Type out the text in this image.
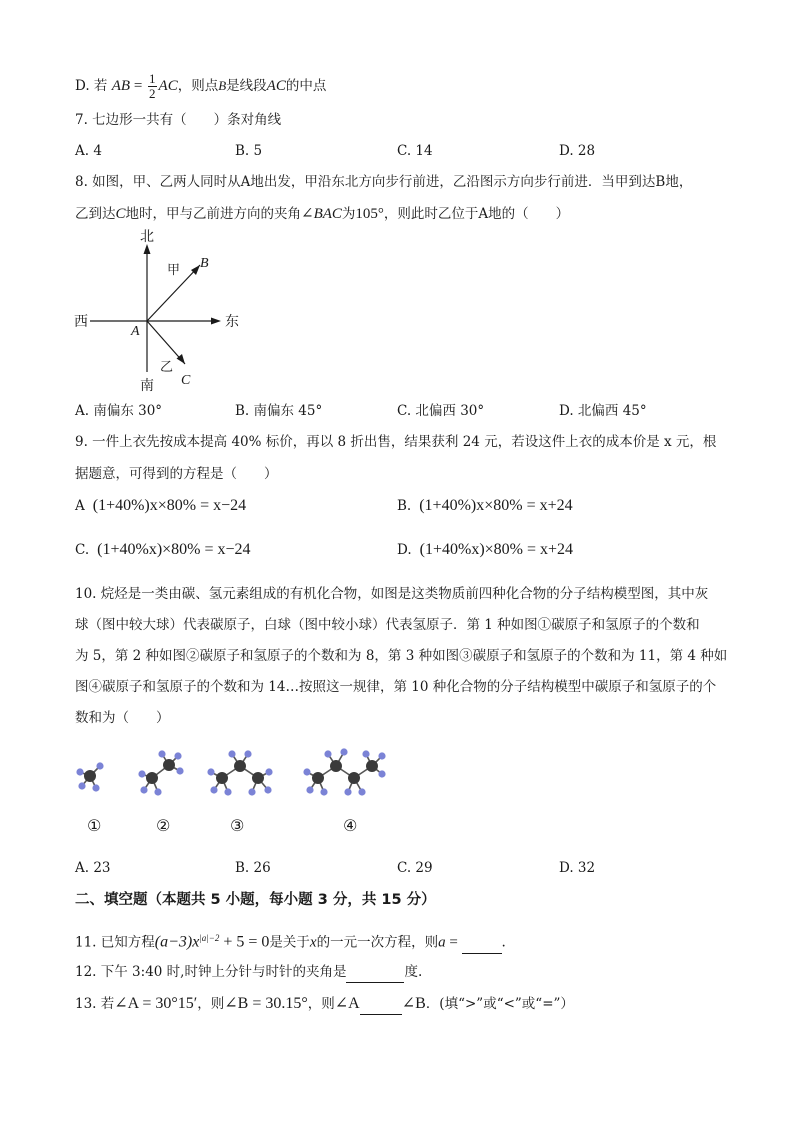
D. 若 AB = $\frac{1}{2}$ AC，则点B是线段AC的中点
7. 七边形一共有（　　）条对角线
A. 4	B. 5	C. 14	D. 28
8. 如图，甲、乙两人同时从A地出发，甲沿东北方向步行前进，乙沿图示方向步行前进．当甲到达B地，
乙到达C地时，甲与乙前进方向的夹角∠BAC为105°，则此时乙位于A地的（　　）
北
南
西	东
A
甲
乙
B
C
A. 南偏东 30°	B. 南偏东 45°	C. 北偏西 30°	D. 北偏西 45°
9. 一件上衣先按成本提高 40% 标价，再以 8 折出售，结果获利 24 元，若设这件上衣的成本价是 x 元，根
据题意，可得到的方程是（　　）
A (1+40%)x×80% = x−24	B. (1+40%)x×80% = x+24
C. (1+40%x)×80% = x−24	D. (1+40%x)×80% = x+24
10. 烷烃是一类由碳、氢元素组成的有机化合物，如图是这类物质前四种化合物的分子结构模型图，其中灰
球（图中较大球）代表碳原子，白球（图中较小球）代表氢原子．第 1 种如图①碳原子和氢原子的个数和
为 5，第 2 种如图②碳原子和氢原子的个数和为 8，第 3 种如图③碳原子和氢原子的个数和为 11，第 4 种如
图④碳原子和氢原子的个数和为 14…按照这一规律，第 10 种化合物的分子结构模型中碳原子和氢原子的个
数和为（　　）
①	②	③	④
A. 23	B. 26	C. 29	D. 32
二、填空题（本题共 5 小题，每小题 3 分，共 15 分）
11. 已知方程$(a-3)x^{|a|-2} + 5 = 0$是关于x的一元一次方程，则a =	.
12. 下午 3:40 时,时钟上分针与时针的夹角是	度.
13. 若∠A = 30°15′，则∠B = 30.15°，则∠A	∠B．(填“>”或“<”或“=”）
